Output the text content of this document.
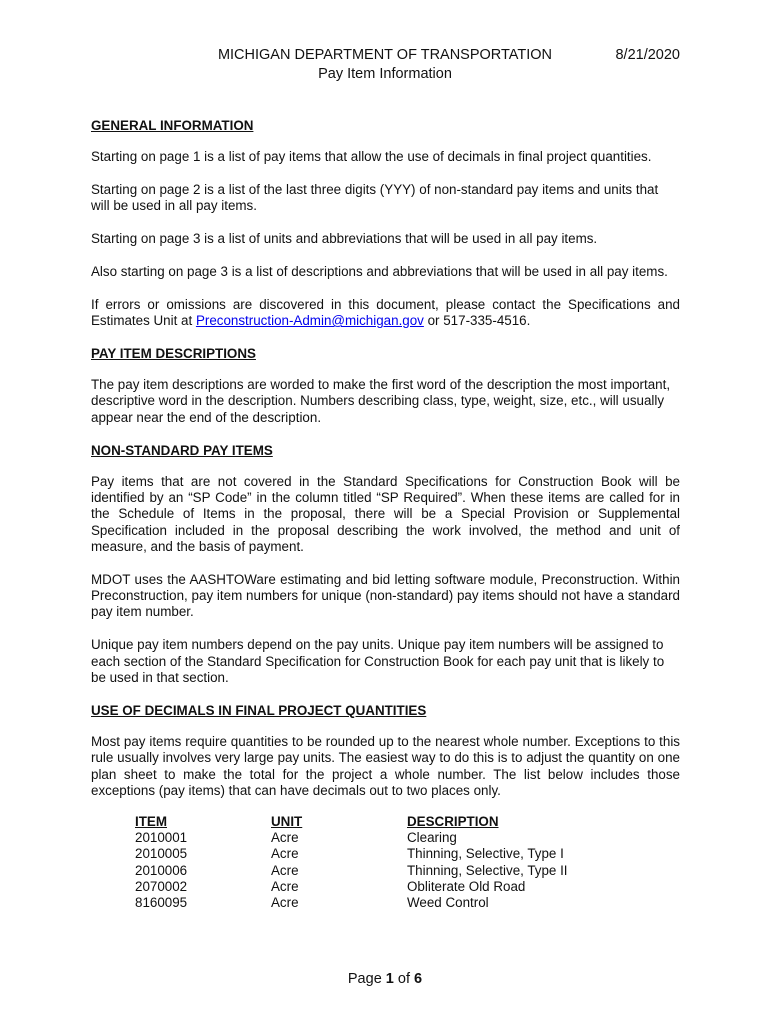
MICHIGAN DEPARTMENT OF TRANSPORTATION	8/21/2020
Pay Item Information
GENERAL INFORMATION

Starting on page 1 is a list of pay items that allow the use of decimals in final project quantities.

Starting on page 2 is a list of the last three digits (YYY) of non-standard pay items and units that will be used in all pay items.

Starting on page 3 is a list of units and abbreviations that will be used in all pay items.

Also starting on page 3 is a list of descriptions and abbreviations that will be used in all pay items.

If errors or omissions are discovered in this document, please contact the Specifications and Estimates Unit at Preconstruction-Admin@michigan.gov or 517-335-4516.

PAY ITEM DESCRIPTIONS

The pay item descriptions are worded to make the first word of the description the most important, descriptive word in the description. Numbers describing class, type, weight, size, etc., will usually appear near the end of the description.

NON-STANDARD PAY ITEMS

Pay items that are not covered in the Standard Specifications for Construction Book will be identified by an “SP Code” in the column titled “SP Required”. When these items are called for in the Schedule of Items in the proposal, there will be a Special Provision or Supplemental Specification included in the proposal describing the work involved, the method and unit of measure, and the basis of payment.

MDOT uses the AASHTOWare estimating and bid letting software module, Preconstruction. Within Preconstruction, pay item numbers for unique (non-standard) pay items should not have a standard pay item number.

Unique pay item numbers depend on the pay units. Unique pay item numbers will be assigned to each section of the Standard Specification for Construction Book for each pay unit that is likely to be used in that section.

USE OF DECIMALS IN FINAL PROJECT QUANTITIES

Most pay items require quantities to be rounded up to the nearest whole number. Exceptions to this rule usually involves very large pay units. The easiest way to do this is to adjust the quantity on one plan sheet to make the total for the project a whole number. The list below includes those exceptions (pay items) that can have decimals out to two places only.

ITEM	UNIT	DESCRIPTION
2010001	Acre	Clearing
2010005	Acre	Thinning, Selective, Type I
2010006	Acre	Thinning, Selective, Type II
2070002	Acre	Obliterate Old Road
8160095	Acre	Weed Control
Page 1 of 6
